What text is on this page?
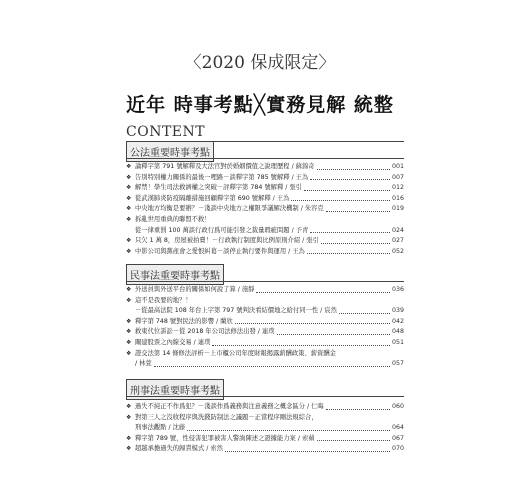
〈2020 保成限定〉
近年 時事考點╳實務見解 統整
CONTENT
公法重要時事考點
❖ 論釋字第 791 號解釋及大法官對於婚姻價值之說理歷程 / 蘇錦奇	001
❖ 告別特別權力關係的最後一哩路－談釋字第 785 號解釋 / 王為	007
❖ 解禁！學生司法救濟權之突破－評釋字第 784 號解釋 / 張引	012
❖ 從武漢肺炎防疫隔離措施回顧釋字第 690 號解釋 / 王為	016
❖ 中央地方均衡是要辦？－淺談中央地方之權限爭議解決機制 / 朱容克	019
❖ 拆亂世用重典的聯盟不救！
從一律重罰 100 萬談行政行爲可能引發之裁量瑕疵問題 / 予青	024
❖ 只欠 1 萬 8，房屋被拍賣！－行政執行制度與比例原則介紹 / 張引	027
❖ 中影公司與黨產會之愛恨糾葛－談停止執行要件與運用 / 王為	052
民事法重要時事考點
❖ 外送員與外送平台的關係如何說了算 / 施靜	036
❖ 這不是我要的地？！
－從最高法院 108 年台上字第 797 號判決看結價地之給付同一性 / 宸然	039
❖ 釋字第 748 號對民法的影響 / 蘭欣	042
❖ 救東代位訴訟－從 2018 年公司法修法出發 / 連璞	048
❖ 關建股票之內線交易 / 連璞	051
❖ 證交法第 14 條修法評析－上市櫃公司年度財報揭露薪酬政策、薪資酬金
/ 林萱	057
刑事法重要時事考點
❖ 過失不純正不作爲犯？－淺談作爲義務與注意義務之概念區分 / 仁晦	060
❖ 對第三人之沒收程序與洗錢防制法之議題－正當程序剛法規綜合，
刑事法觀點 / 沈藤	064
❖ 釋字第 789 號，性侵害犯罪被害人警詢陳述之證據能力案 / 索蘋	067
❖ 超越承擔過失的歸責模式 / 索然	070
